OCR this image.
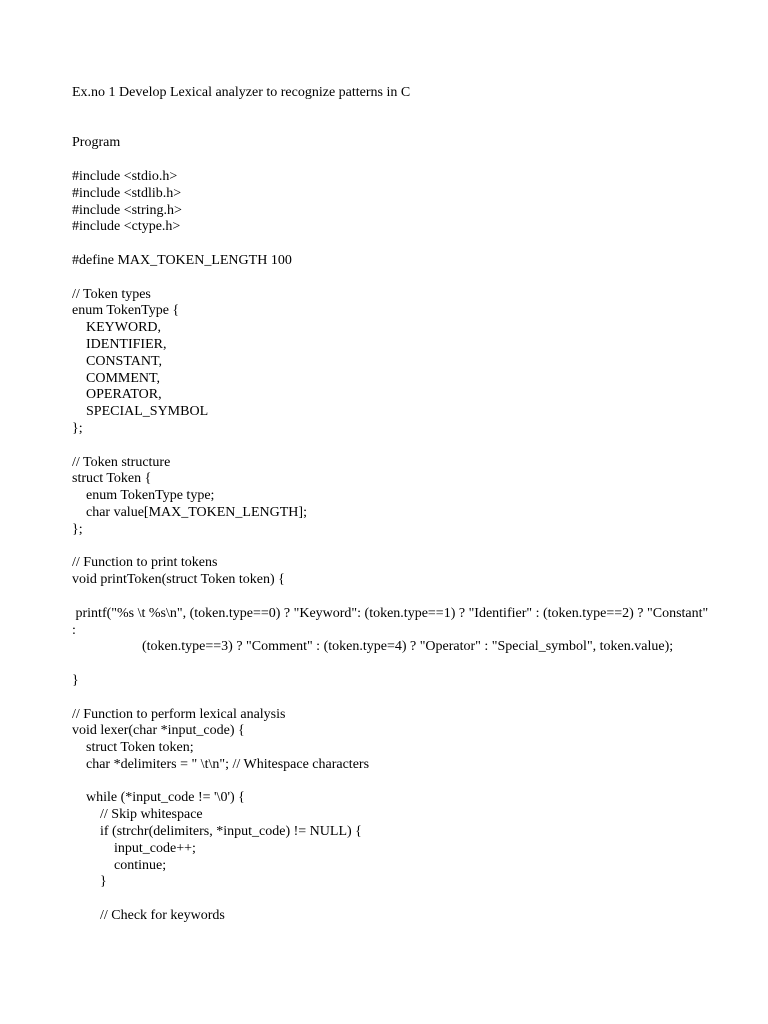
Ex.no 1 Develop Lexical analyzer to recognize patterns in C
Program
#include <stdio.h>
#include <stdlib.h>
#include <string.h>
#include <ctype.h>
#define MAX_TOKEN_LENGTH 100
// Token types
enum TokenType {
KEYWORD,
IDENTIFIER,
CONSTANT,
COMMENT,
OPERATOR,
SPECIAL_SYMBOL
};
// Token structure
struct Token {
enum TokenType type;
char value[MAX_TOKEN_LENGTH];
};
// Function to print tokens
void printToken(struct Token token) {
printf("%s \t %s\n", (token.type==0) ? "Keyword": (token.type==1) ? "Identifier" : (token.type==2) ? "Constant" :
(token.type==3) ? "Comment" : (token.type=4) ? "Operator" : "Special_symbol", token.value);
}
// Function to perform lexical analysis
void lexer(char *input_code) {
struct Token token;
char *delimiters = " \t\n"; // Whitespace characters
while (*input_code != '\0') {
// Skip whitespace
if (strchr(delimiters, *input_code) != NULL) {
input_code++;
continue;
}
// Check for keywords
